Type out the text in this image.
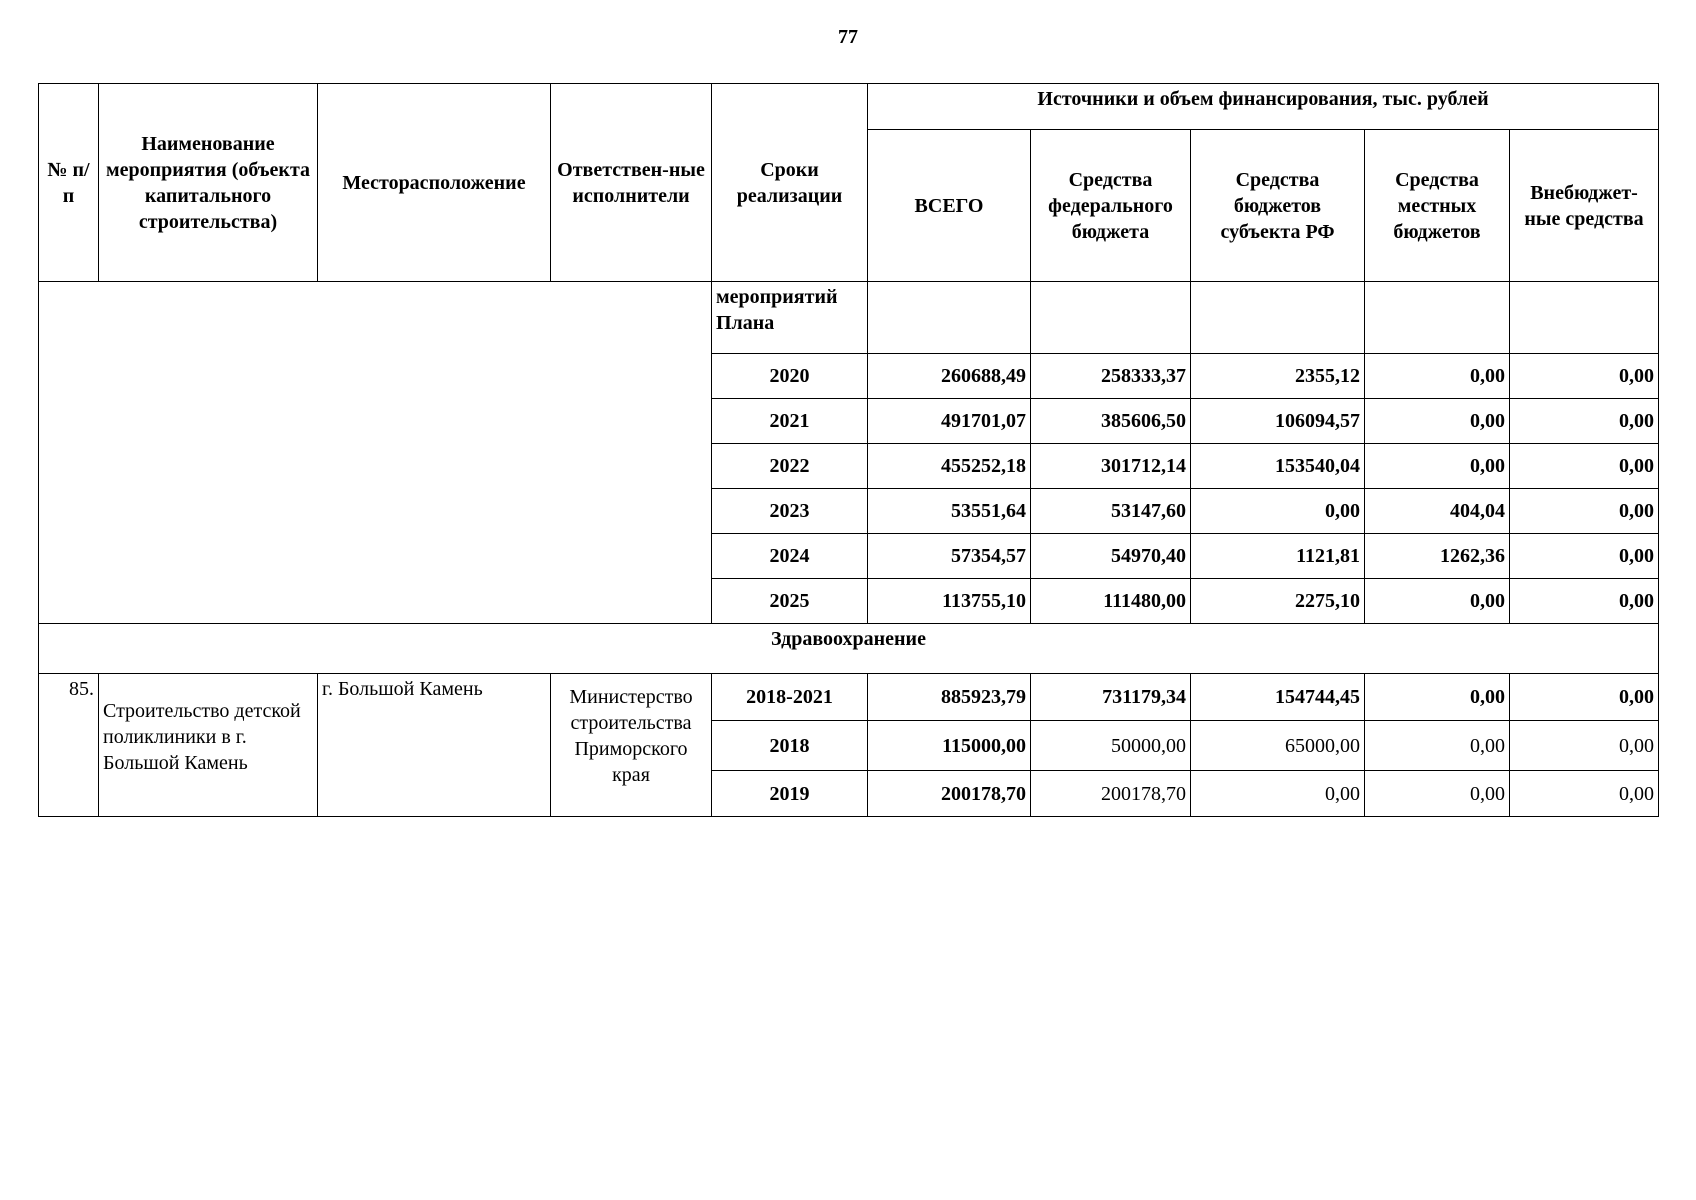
77
№ п/п	Наименование мероприятия (объекта капитального строительства)	Месторасположение	Ответствен-ные исполнители	Сроки реализации	Источники и объем финансирования, тыс. рублей				
					ВСЕГО	Средства федерального бюджета	Средства бюджетов субъекта РФ	Средства местных бюджетов	Внебюджет-ные средства
				мероприятий Плана					
				2020	260688,49	258333,37	2355,12	0,00	0,00
				2021	491701,07	385606,50	106094,57	0,00	0,00
				2022	455252,18	301712,14	153540,04	0,00	0,00
				2023	53551,64	53147,60	0,00	404,04	0,00
				2024	57354,57	54970,40	1121,81	1262,36	0,00
				2025	113755,10	111480,00	2275,10	0,00	0,00
Здравоохранение									
85.	Строительство детской поликлиники в г. Большой Камень	г. Большой Камень	Министерство строительства Приморского края	2018-2021	885923,79	731179,34	154744,45	0,00	0,00
				2018	115000,00	50000,00	65000,00	0,00	0,00
				2019	200178,70	200178,70	0,00	0,00	0,00
